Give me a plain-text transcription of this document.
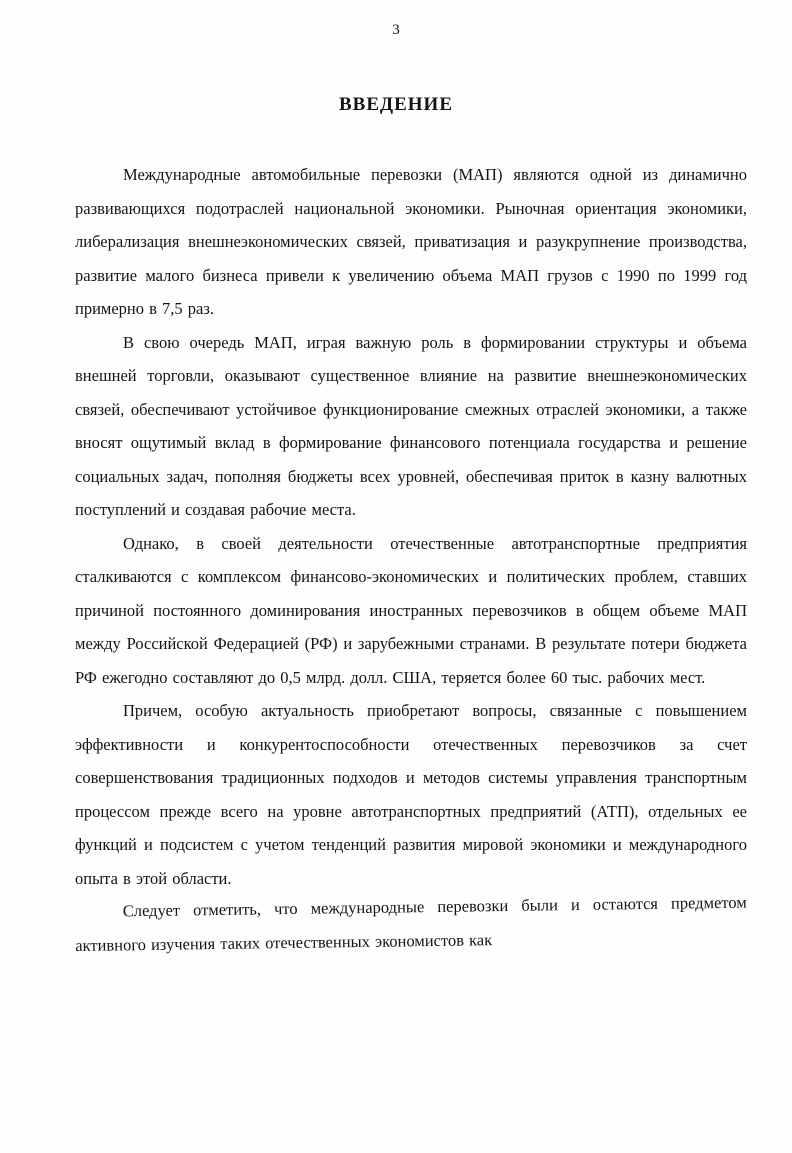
3
ВВЕДЕНИЕ

Международные автомобильные перевозки (МАП) являются одной из динамично развивающихся подотраслей национальной экономики. Рыночная ориентация экономики, либерализация внешнеэкономических связей, приватизация и разукрупнение производства, развитие малого бизнеса привели к увеличению объема МАП грузов с 1990 по 1999 год примерно в 7,5 раз.

В свою очередь МАП, играя важную роль в формировании структуры и объема внешней торговли, оказывают существенное влияние на развитие внешнеэкономических связей, обеспечивают устойчивое функционирование смежных отраслей экономики, а также вносят ощутимый вклад в формирование финансового потенциала государства и решение социальных задач, пополняя бюджеты всех уровней, обеспечивая приток в казну валютных поступлений и создавая рабочие места.

Однако, в своей деятельности отечественные автотранспортные предприятия сталкиваются с комплексом финансово-экономических и политических проблем, ставших причиной постоянного доминирования иностранных перевозчиков в общем объеме МАП между Российской Федерацией (РФ) и зарубежными странами. В результате потери бюджета РФ ежегодно составляют до 0,5 млрд. долл. США, теряется более 60 тыс. рабочих мест.

Причем, особую актуальность приобретают вопросы, связанные с повышением эффективности и конкурентоспособности отечественных перевозчиков за счет совершенствования традиционных подходов и методов системы управления транспортным процессом прежде всего на уровне автотранспортных предприятий (АТП), отдельных ее функций и подсистем с учетом тенденций развития мировой экономики и международного опыта в этой области.

Следует отметить, что международные перевозки были и остаются предметом активного изучения таких отечественных экономистов как
